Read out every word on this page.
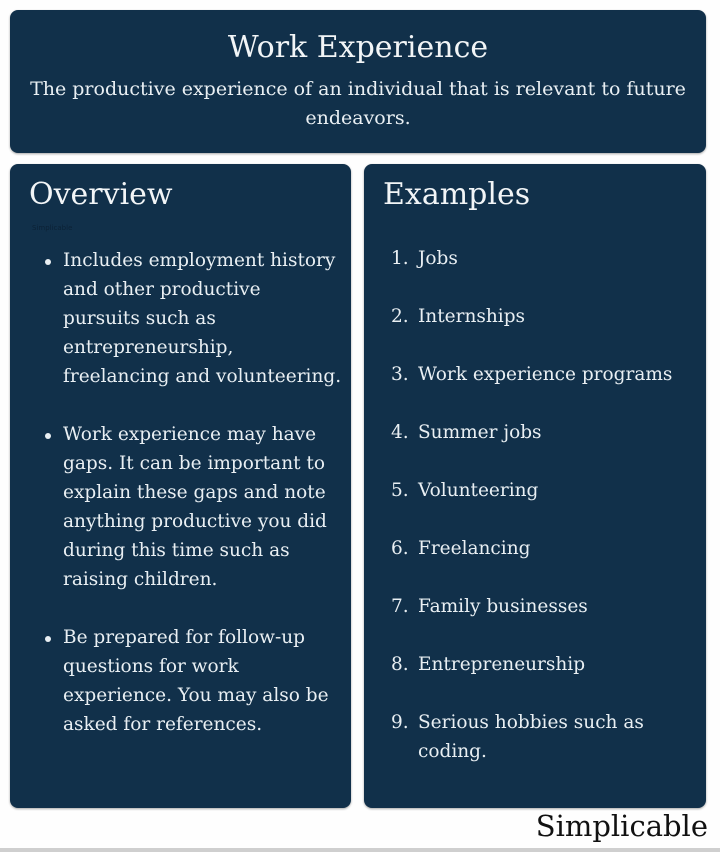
Work Experience
The productive experience of an individual that is relevant to future endeavors.
Overview
Simplicable
Includes employment history and other productive pursuits such as entrepreneurship, freelancing and volunteering.
Work experience may have gaps. It can be important to explain these gaps and note anything productive you did during this time such as raising children.
Be prepared for follow-up questions for work experience. You may also be asked for references.
Examples
1. Jobs
2. Internships
3. Work experience programs
4. Summer jobs
5. Volunteering
6. Freelancing
7. Family businesses
8. Entrepreneurship
9. Serious hobbies such as coding.
Simplicable
